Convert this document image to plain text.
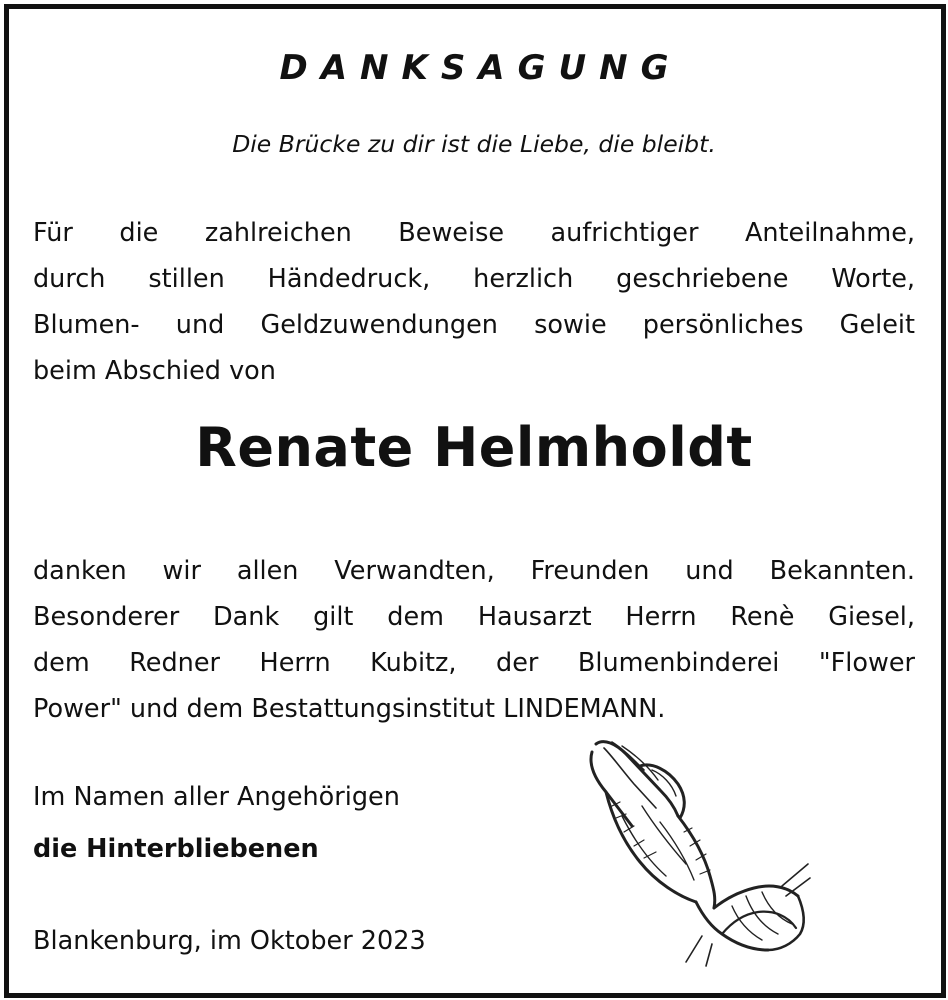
DANKSAGUNG
Die Brücke zu dir ist die Liebe, die bleibt.
Für die zahlreichen Beweise aufrichtiger Anteilnahme,
durch stillen Händedruck, herzlich geschriebene Worte,
Blumen- und Geldzuwendungen sowie persönliches Geleit
beim Abschied von
Renate Helmholdt
danken wir allen Verwandten, Freunden und Bekannten.
Besonderer Dank gilt dem Hausarzt Herrn Renè Giesel,
dem Redner Herrn Kubitz, der Blumenbinderei "Flower
Power" und dem Bestattungsinstitut LINDEMANN.
Im Namen aller Angehörigen
die Hinterbliebenen
Blankenburg, im Oktober 2023
